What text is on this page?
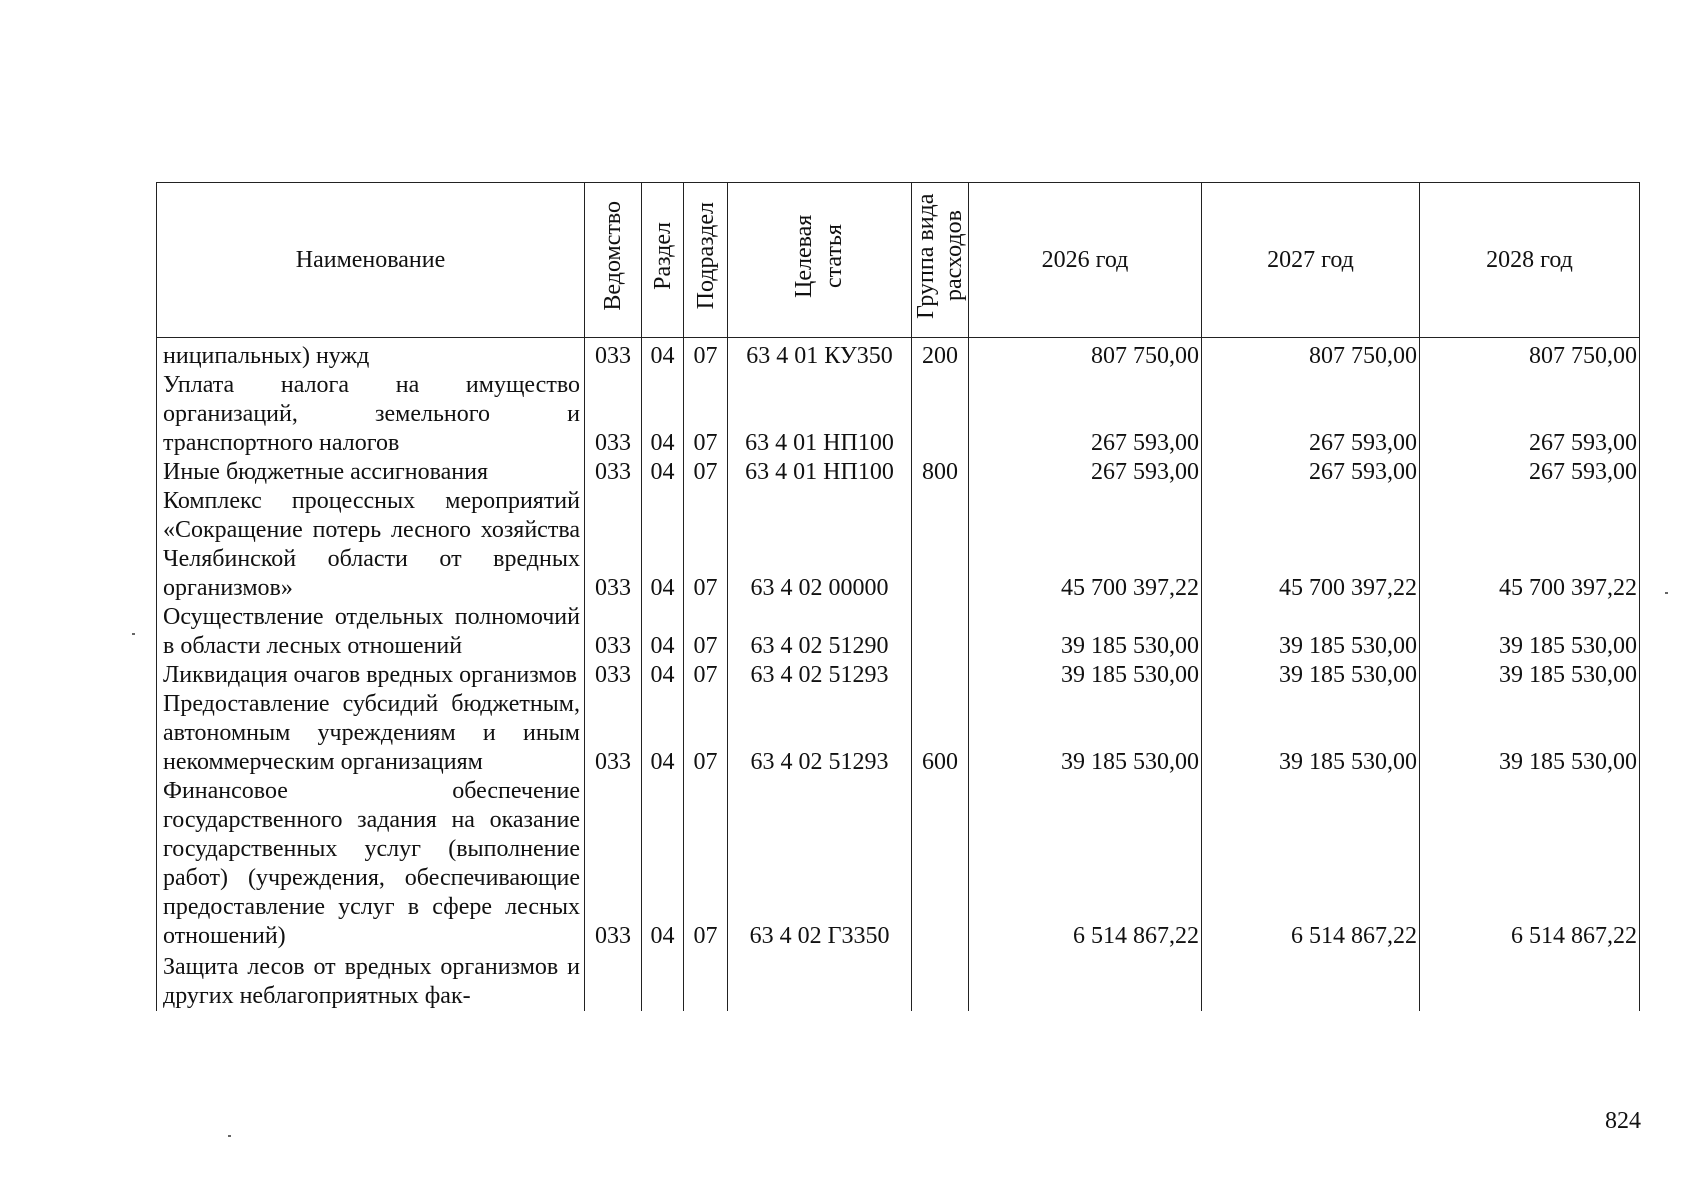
Наименование	Ведомство	Раздел	Подраздел	Целевая статья	Группа вида расходов	2026 год	2027 год	2028 год
ниципальных) нужд	033	04	07	63 4 01 КУ350	200	807 750,00	807 750,00	807 750,00
Уплата налога на имущество организаций, земельного и транспортного налогов	033	04	07	63 4 01 НП100		267 593,00	267 593,00	267 593,00
Иные бюджетные ассигнования	033	04	07	63 4 01 НП100	800	267 593,00	267 593,00	267 593,00
Комплекс процессных мероприятий «Сокращение потерь лесного хозяйства Челябинской области от вредных организмов»	033	04	07	63 4 02 00000		45 700 397,22	45 700 397,22	45 700 397,22
Осуществление отдельных полномочий в области лесных отношений	033	04	07	63 4 02 51290		39 185 530,00	39 185 530,00	39 185 530,00
Ликвидация очагов вредных организмов	033	04	07	63 4 02 51293		39 185 530,00	39 185 530,00	39 185 530,00
Предоставление субсидий бюджетным, автономным учреждениям и иным некоммерческим организациям	033	04	07	63 4 02 51293	600	39 185 530,00	39 185 530,00	39 185 530,00
Финансовое обеспечение государственного задания на оказание государственных услуг (выполнение работ) (учреждения, обеспечивающие предоставление услуг в сфере лесных отношений)	033	04	07	63 4 02 Г3350		6 514 867,22	6 514 867,22	6 514 867,22
Защита лесов от вредных организмов и других неблагоприятных фак-								
824
